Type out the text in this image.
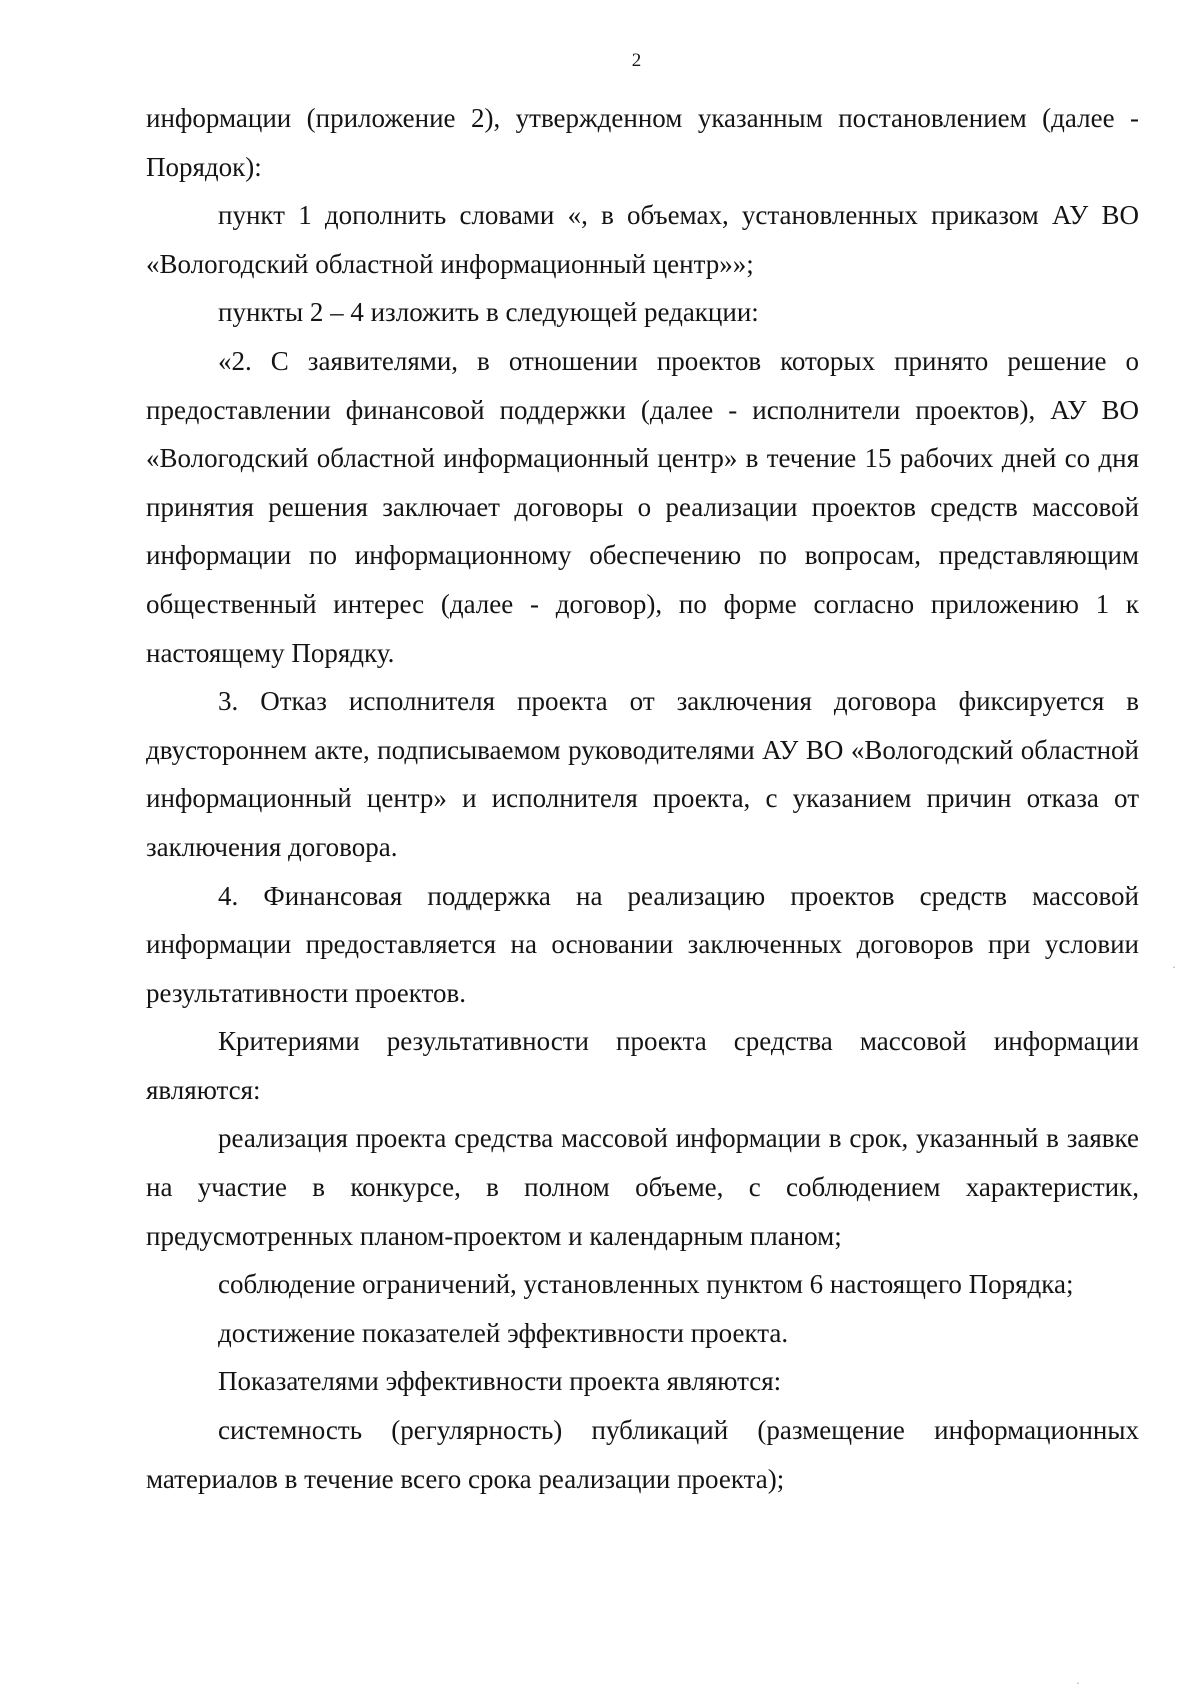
2

информации (приложение 2), утвержденном указанным постановлением (далее - Порядок):

пункт 1 дополнить словами «, в объемах, установленных приказом АУ ВО «Вологодский областной информационный центр»»;

пункты 2 – 4 изложить в следующей редакции:

«2. С заявителями, в отношении проектов которых принято решение о предоставлении финансовой поддержки (далее - исполнители проектов), АУ ВО «Вологодский областной информационный центр» в течение 15 рабочих дней со дня принятия решения заключает договоры о реализации проектов средств массовой информации по информационному обеспечению по вопросам, представляющим общественный интерес (далее - договор), по форме согласно приложению 1 к настоящему Порядку.

3. Отказ исполнителя проекта от заключения договора фиксируется в двустороннем акте, подписываемом руководителями АУ ВО «Вологодский областной информационный центр» и исполнителя проекта, с указанием причин отказа от заключения договора.

4. Финансовая поддержка на реализацию проектов средств массовой информации предоставляется на основании заключенных договоров при условии результативности проектов.

Критериями результативности проекта средства массовой информации являются:

реализация проекта средства массовой информации в срок, указанный в заявке на участие в конкурсе, в полном объеме, с соблюдением характеристик, предусмотренных планом-проектом и календарным планом;

соблюдение ограничений, установленных пунктом 6 настоящего Порядка;

достижение показателей эффективности проекта.

Показателями эффективности проекта являются:

системность (регулярность) публикаций (размещение информационных материалов в течение всего срока реализации проекта);

·
·
